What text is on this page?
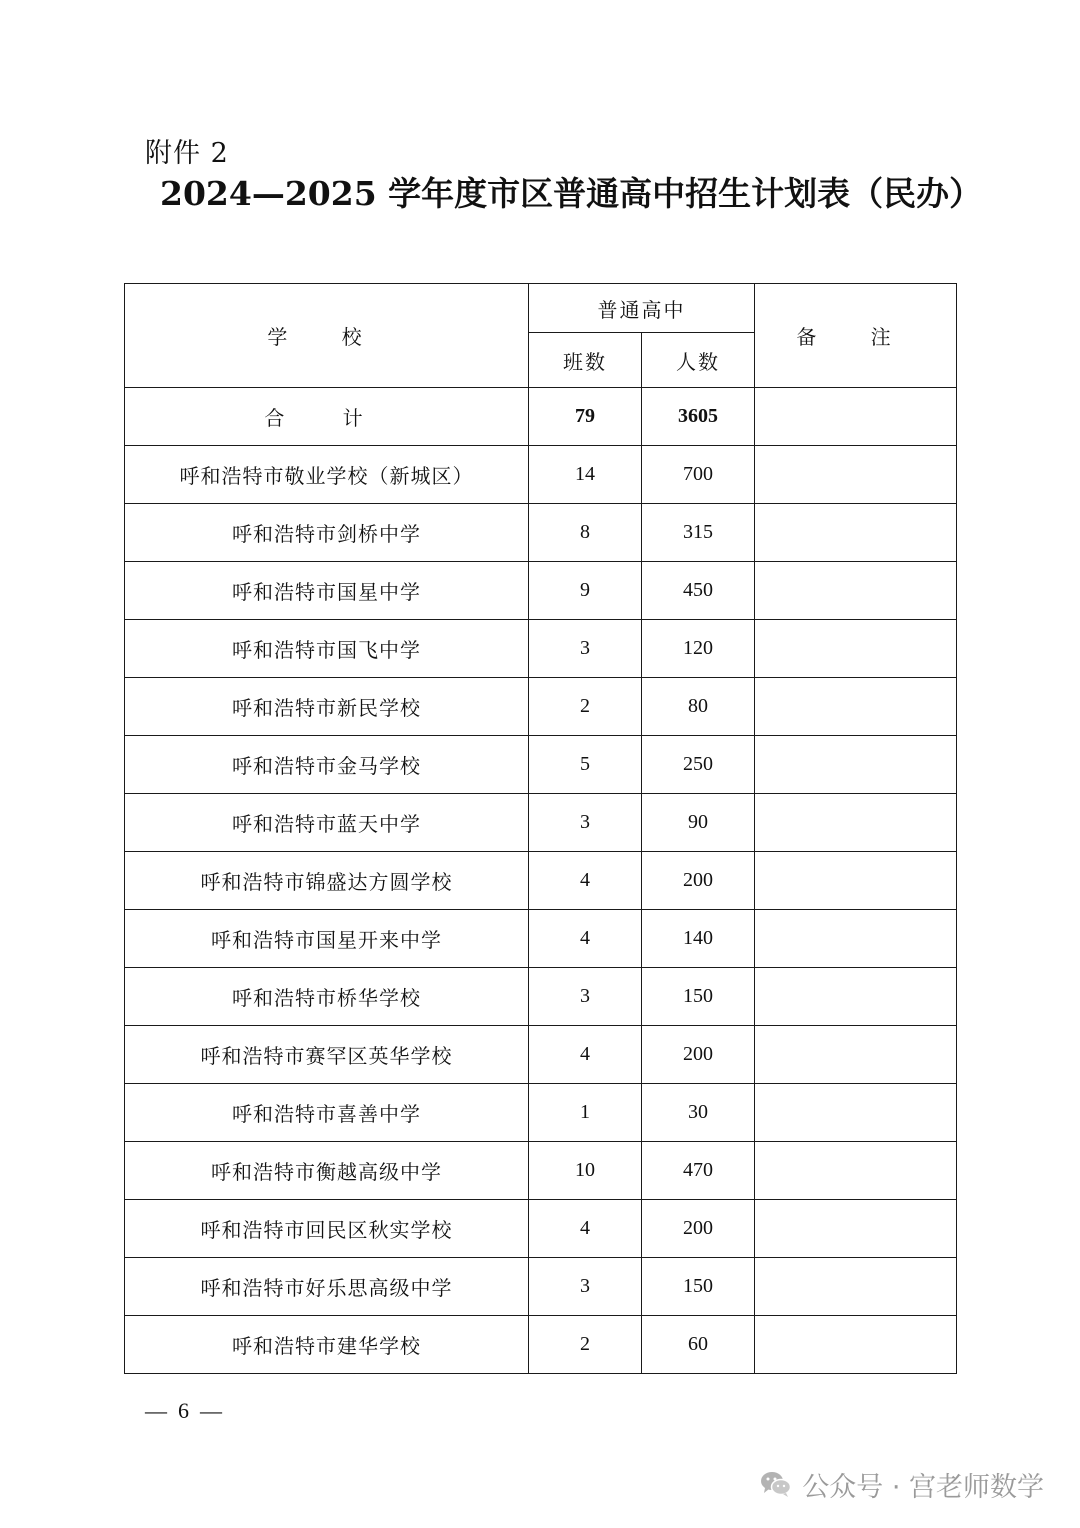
附件 2
2024—2025 学年度市区普通高中招生计划表（民办）
学 校	普通高中		备 注
	班数	人数	
合 计	79	3605	
呼和浩特市敬业学校（新城区）	14	700	
呼和浩特市剑桥中学	8	315	
呼和浩特市国星中学	9	450	
呼和浩特市国飞中学	3	120	
呼和浩特市新民学校	2	80	
呼和浩特市金马学校	5	250	
呼和浩特市蓝天中学	3	90	
呼和浩特市锦盛达方圆学校	4	200	
呼和浩特市国星开来中学	4	140	
呼和浩特市桥华学校	3	150	
呼和浩特市赛罕区英华学校	4	200	
呼和浩特市喜善中学	1	30	
呼和浩特市衡越高级中学	10	470	
呼和浩特市回民区秋实学校	4	200	
呼和浩特市好乐思高级中学	3	150	
呼和浩特市建华学校	2	60	
—  6  —
公众号 · 宫老师数学
